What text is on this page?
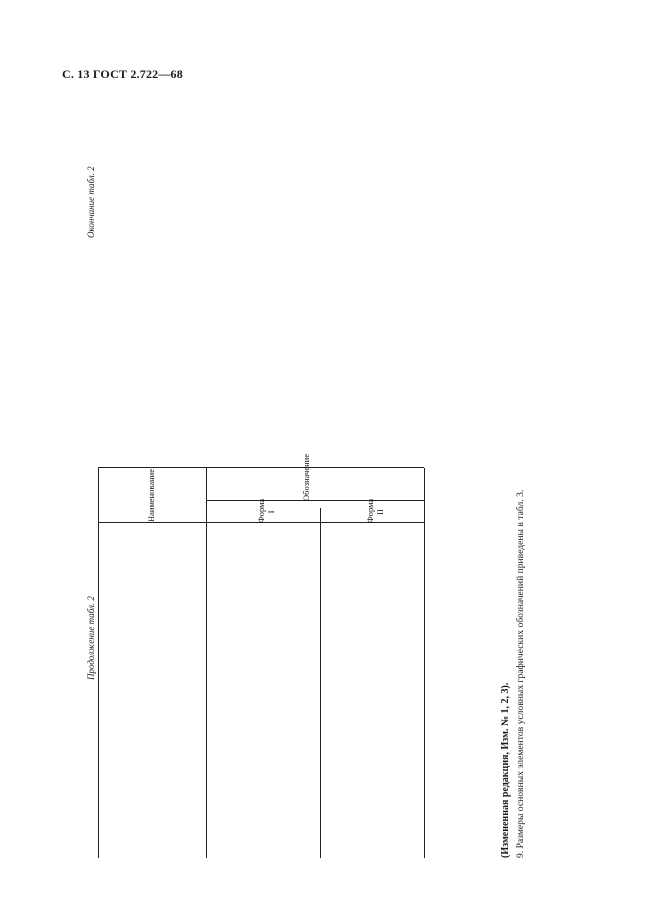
С. 13 ГОСТ 2.722—68
Продолжение табл. 2
Окончание табл. 2
(Измененная редакция, Изм. № 1, 2, 3). 9. Размеры основных элементов условных графических обозначений приведены в табл. 3.
Наименование	Обозначение
Форма I	Форма II
